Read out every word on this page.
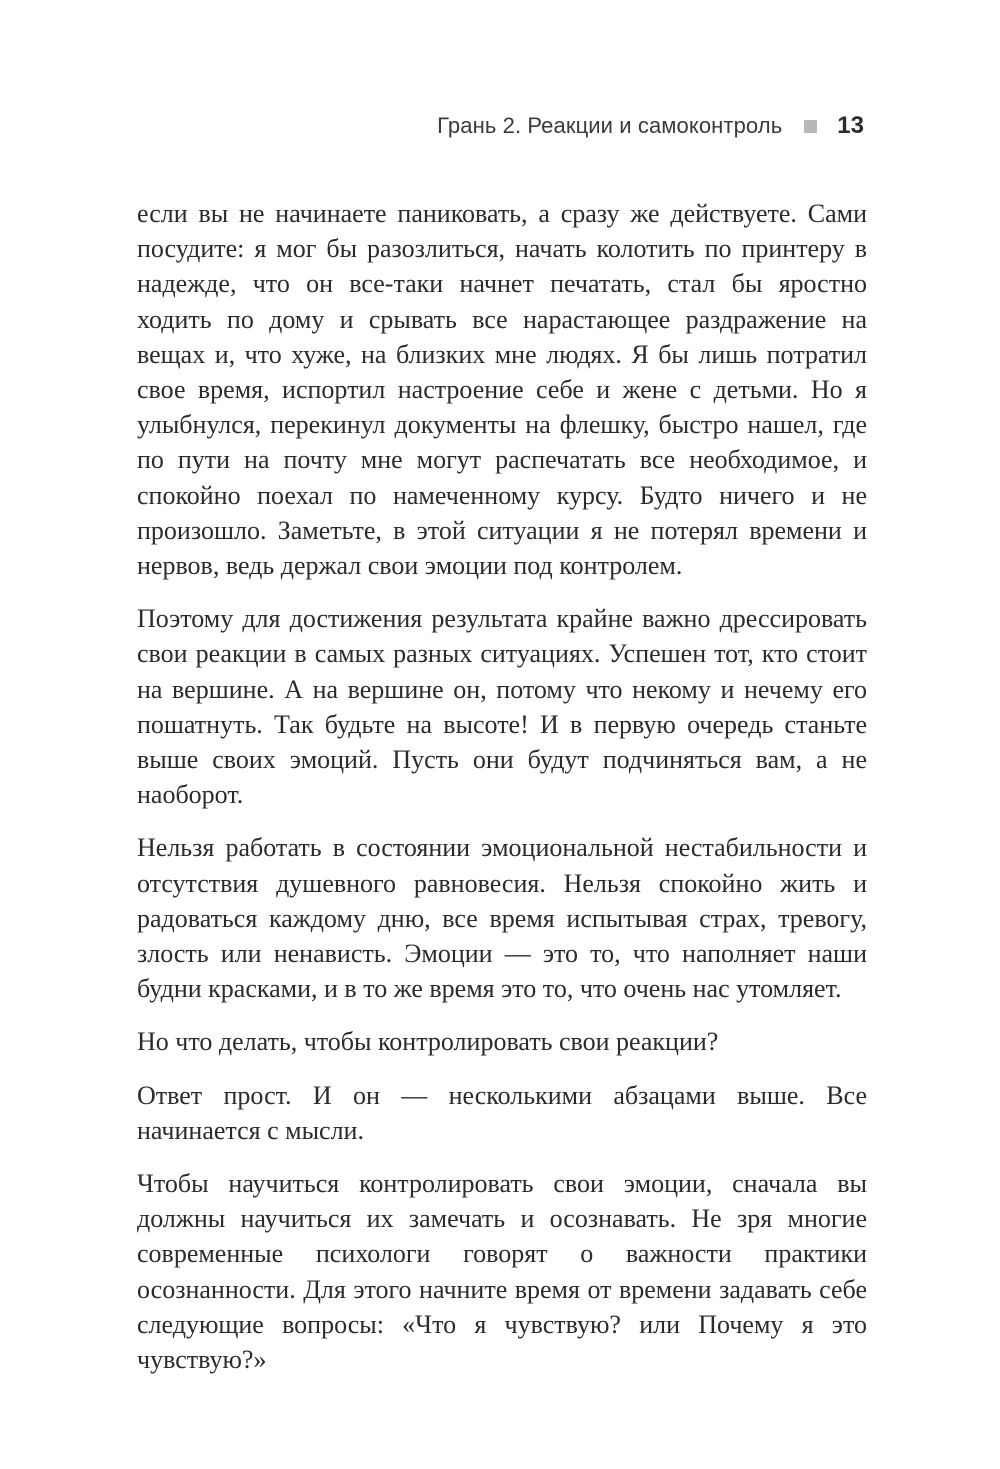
Грань 2. Реакции и самоконтроль 13

если вы не начинаете паниковать, а сразу же действуете. Сами посудите: я мог бы разозлиться, начать колотить по принтеру в надежде, что он все-таки начнет печатать, стал бы яростно ходить по дому и срывать все нарастающее раздражение на вещах и, что хуже, на близких мне людях. Я бы лишь потратил свое время, испортил настроение себе и жене с детьми. Но я улыбнулся, перекинул документы на флешку, быстро нашел, где по пути на почту мне могут распечатать все необходимое, и спокойно поехал по намеченному курсу. Будто ничего и не произошло. Заметьте, в этой ситуации я не потерял времени и нервов, ведь держал свои эмоции под контролем.

Поэтому для достижения результата крайне важно дрессировать свои реакции в самых разных ситуациях. Успешен тот, кто стоит на вершине. А на вершине он, потому что некому и нечему его пошатнуть. Так будьте на высоте! И в первую очередь станьте выше своих эмоций. Пусть они будут подчиняться вам, а не наоборот.

Нельзя работать в состоянии эмоциональной нестабильности и отсутствия душевного равновесия. Нельзя спокойно жить и радоваться каждому дню, все время испытывая страх, тревогу, злость или ненависть. Эмоции — это то, что наполняет наши будни красками, и в то же время это то, что очень нас утомляет.

Но что делать, чтобы контролировать свои реакции?

Ответ прост. И он — несколькими абзацами выше. Все начинается с мысли.

Чтобы научиться контролировать свои эмоции, сначала вы должны научиться их замечать и осознавать. Не зря многие современные психологи говорят о важности практики осознанности. Для этого начните время от времени задавать себе следующие вопросы: «Что я чувствую? или Почему я это чувствую?»
